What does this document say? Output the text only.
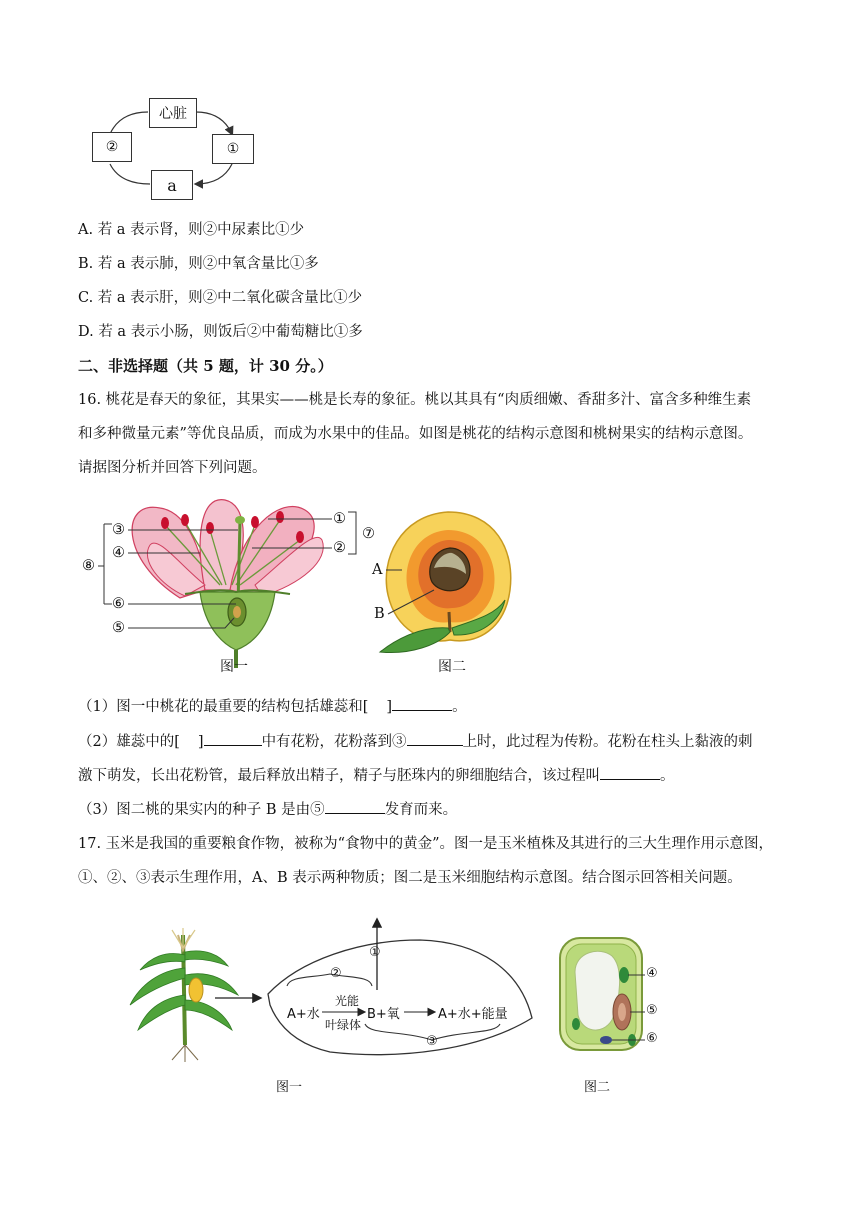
心脏
①
②
a
A. 若 a 表示肾，则②中尿素比①少
B. 若 a 表示肺，则②中氧含量比①多
C. 若 a 表示肝，则②中二氧化碳含量比①少
D. 若 a 表示小肠，则饭后②中葡萄糖比①多
二、非选择题（共 5 题，计 30 分。）
16. 桃花是春天的象征，其果实——桃是长寿的象征。桃以其具有“肉质细嫩、香甜多汁、富含多种维生素
和多种微量元素”等优良品质，而成为水果中的佳品。如图是桃花的结构示意图和桃树果实的结构示意图。
请据图分析并回答下列问题。
③
④
⑥
⑤
⑧
①
②
⑦
图一
A
B
图二
（1）图一中桃花的最重要的结构包括雄蕊和[ ]	。
（2）雄蕊中的[ ]	中有花粉，花粉落到③	上时，此过程为传粉。花粉在柱头上黏液的刺
激下萌发，长出花粉管，最后释放出精子，精子与胚珠内的卵细胞结合，该过程叫	。
（3）图二桃的果实内的种子 B 是由⑤	发育而来。
17. 玉米是我国的重要粮食作物，被称为“食物中的黄金”。图一是玉米植株及其进行的三大生理作用示意图，
①、②、③表示生理作用，A、B 表示两种物质；图二是玉米细胞结构示意图。结合图示回答相关问题。
①
②
A+水
光能
叶绿体
B+氧	A+水+能量
③
图一
④
⑤
⑥
图二
